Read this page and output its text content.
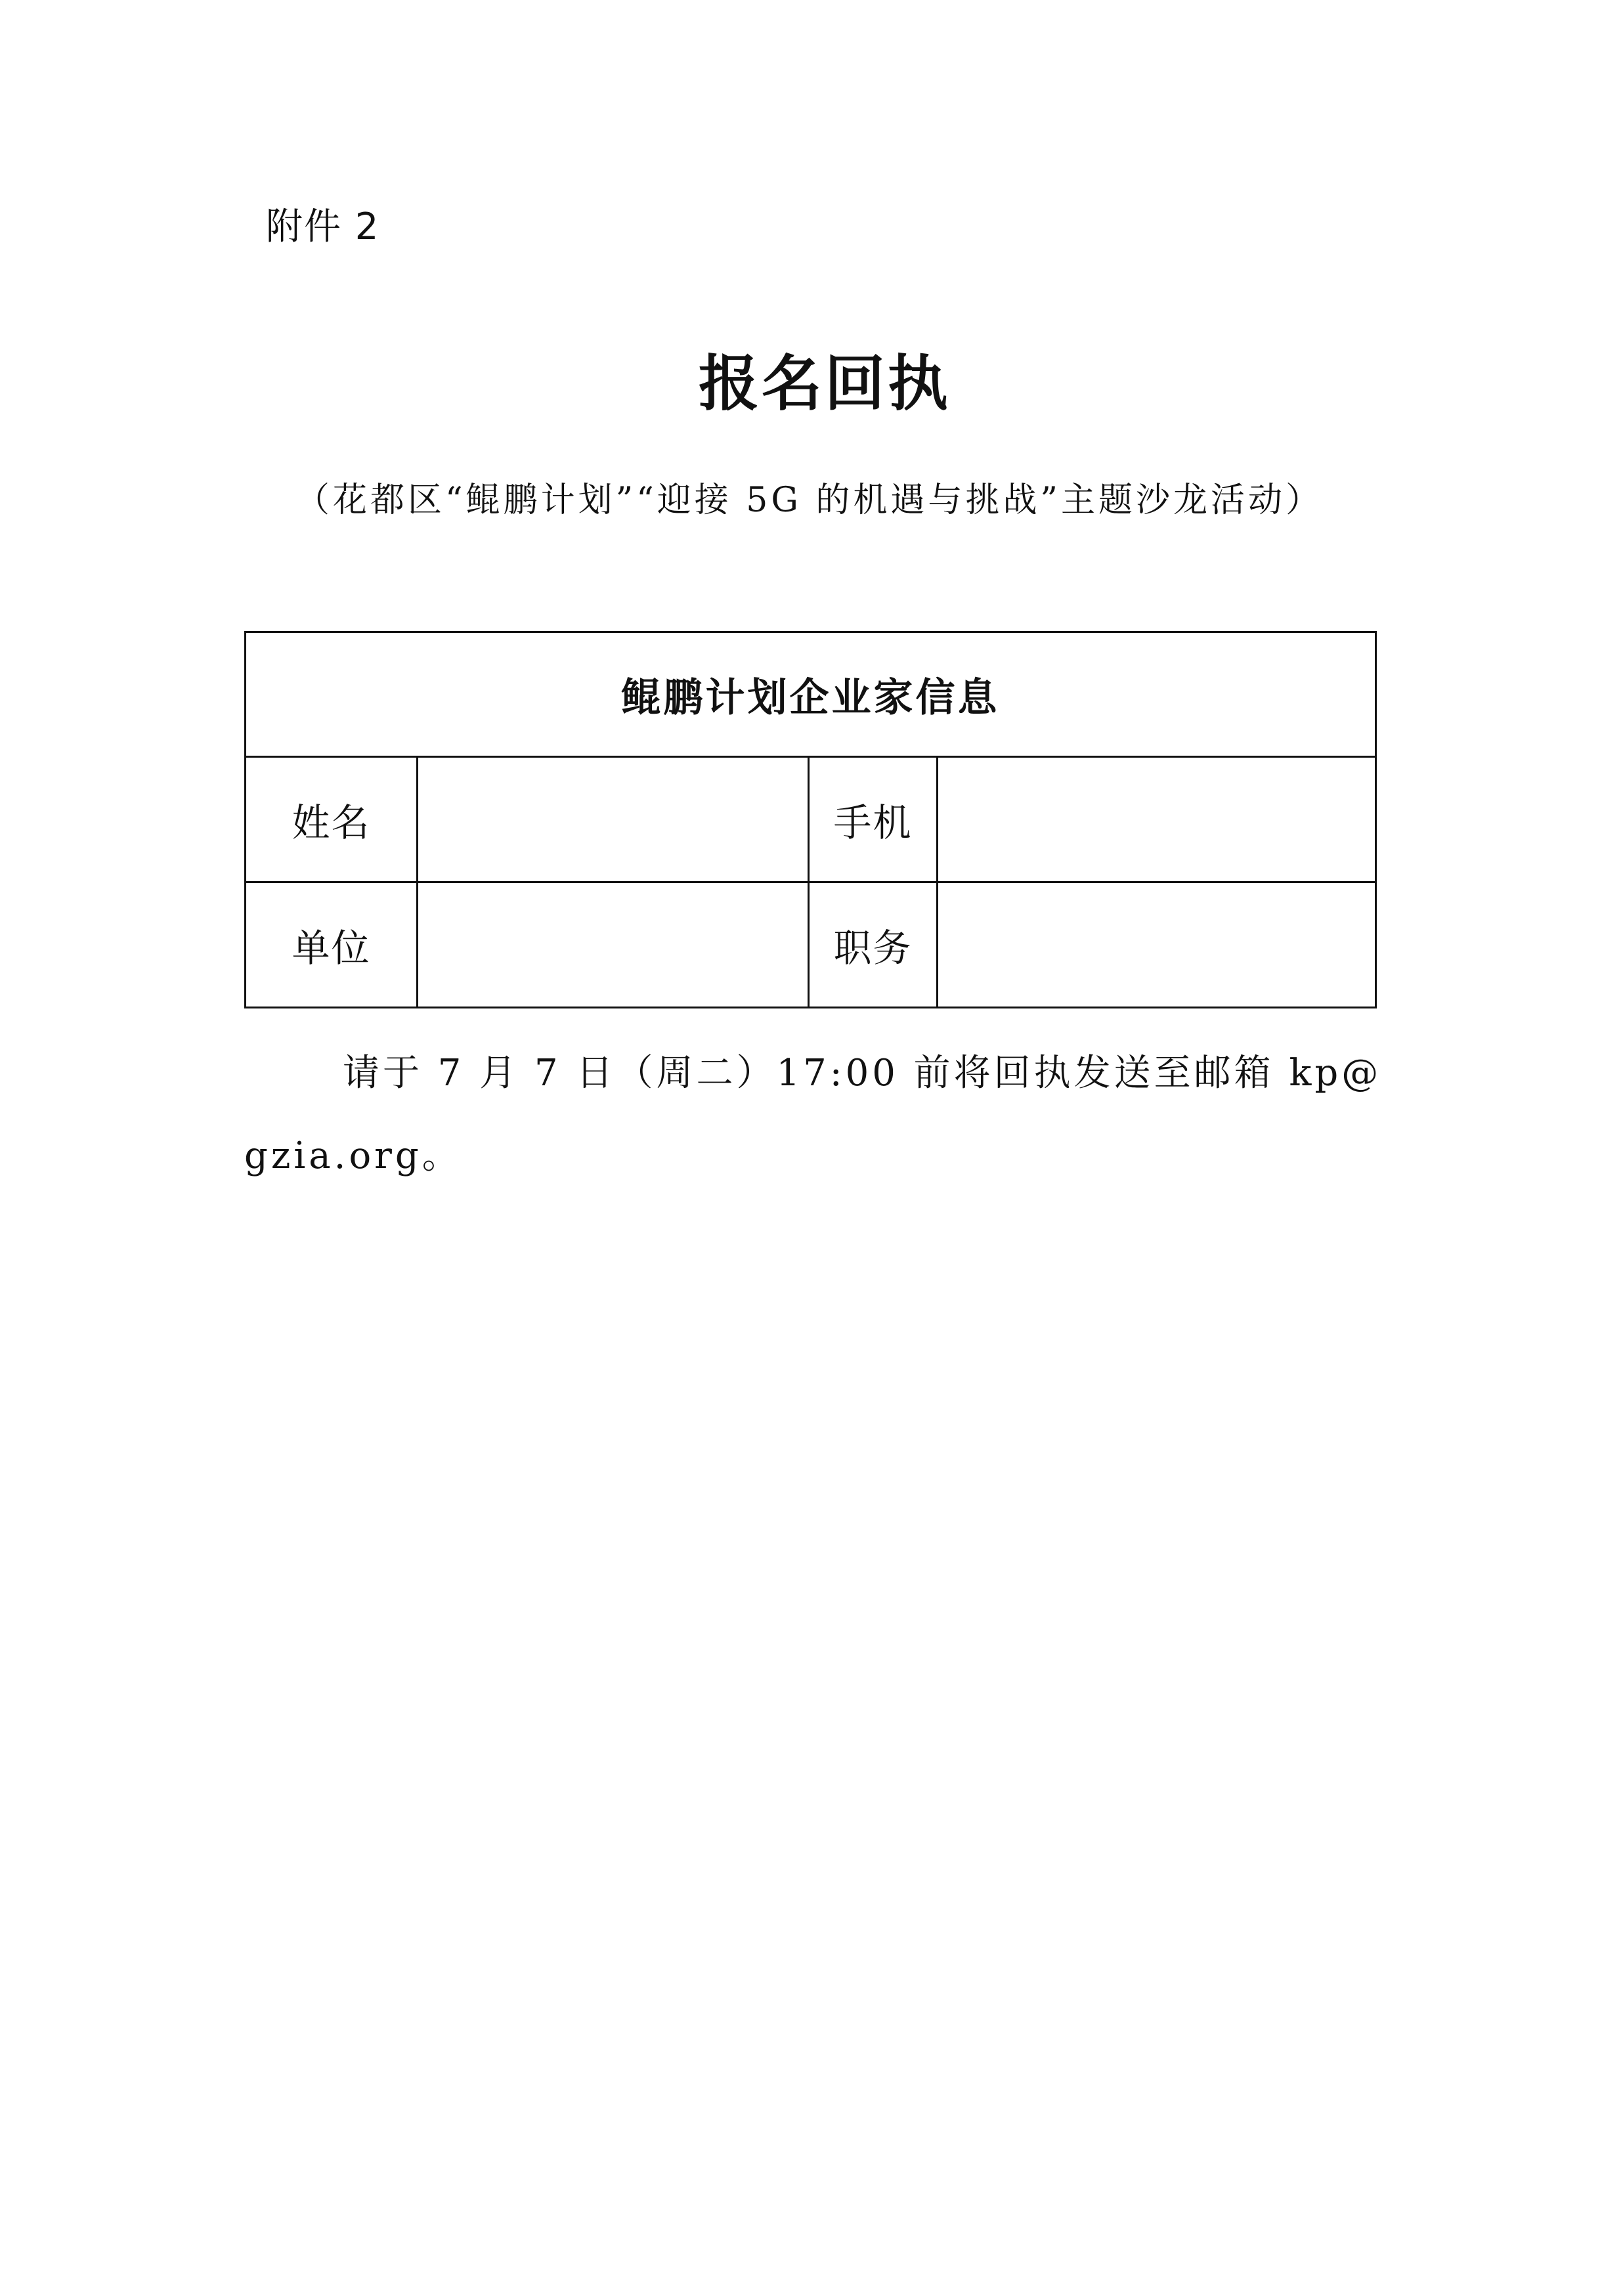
附件 2
报名回执
（花都区“鲲鹏计划”“迎接 5G 的机遇与挑战”主题沙龙活动）
鲲鹏计划企业家信息			
姓名		手机	
单位		职务	
请于 7 月 7 日（周二）17:00 前将回执发送至邮箱 kp@gzia.org。
